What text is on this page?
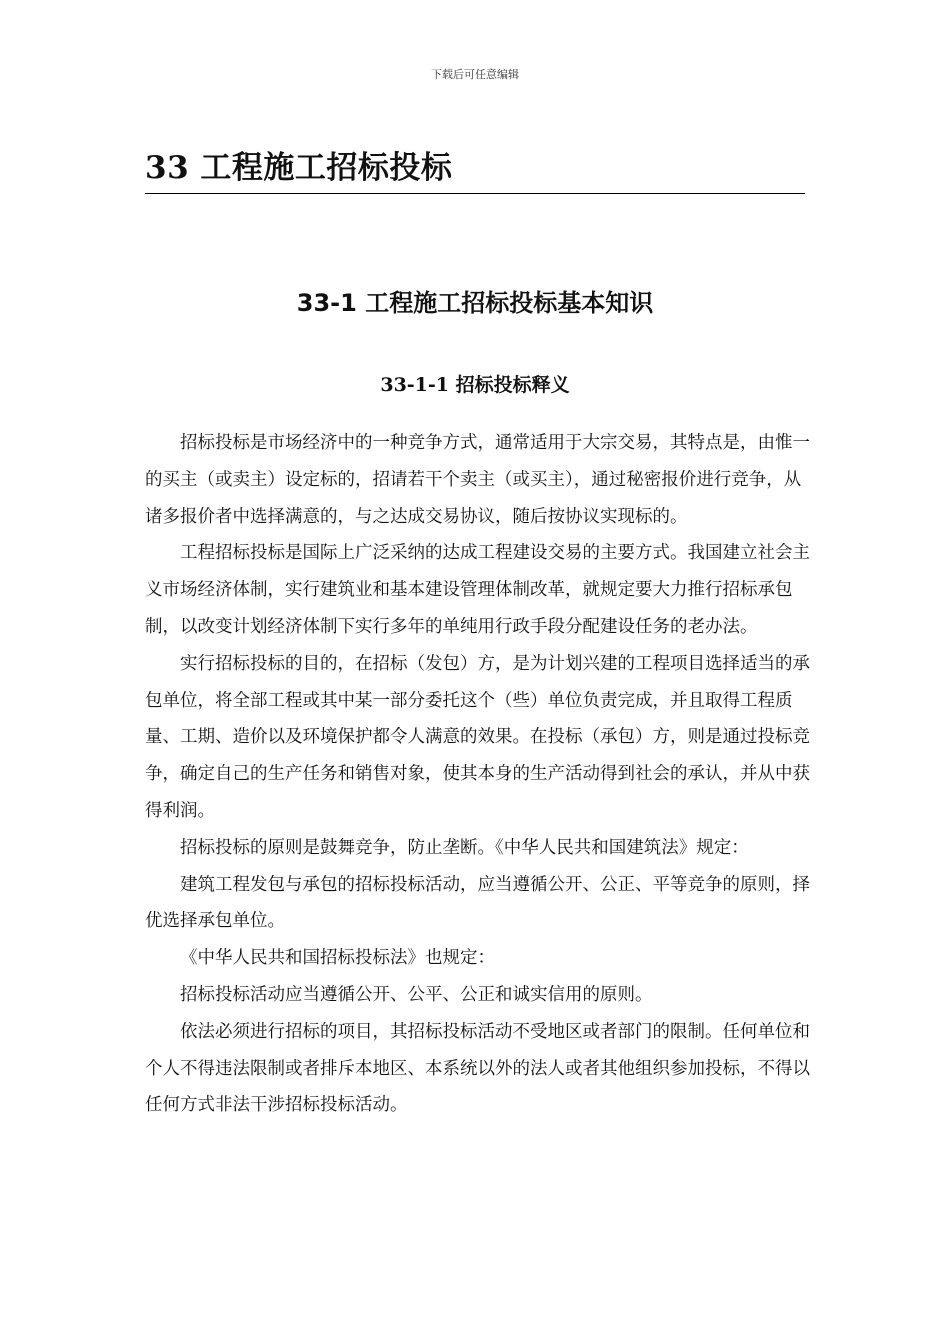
下载后可任意编辑
33 工程施工招标投标
33-1 工程施工招标投标基本知识
33-1-1 招标投标释义

招标投标是市场经济中的一种竞争方式，通常适用于大宗交易，其特点是，由惟一的买主（或卖主）设定标的，招请若干个卖主（或买主），通过秘密报价进行竞争，从诸多报价者中选择满意的，与之达成交易协议，随后按协议实现标的。

工程招标投标是国际上广泛采纳的达成工程建设交易的主要方式。我国建立社会主义市场经济体制，实行建筑业和基本建设管理体制改革，就规定要大力推行招标承包制，以改变计划经济体制下实行多年的单纯用行政手段分配建设任务的老办法。

实行招标投标的目的，在招标（发包）方，是为计划兴建的工程项目选择适当的承包单位，将全部工程或其中某一部分委托这个（些）单位负责完成，并且取得工程质量、工期、造价以及环境保护都令人满意的效果。在投标（承包）方，则是通过投标竞争，确定自己的生产任务和销售对象，使其本身的生产活动得到社会的承认，并从中获得利润。

招标投标的原则是鼓舞竞争，防止垄断。《中华人民共和国建筑法》规定：

建筑工程发包与承包的招标投标活动，应当遵循公开、公正、平等竞争的原则，择优选择承包单位。

《中华人民共和国招标投标法》也规定：

招标投标活动应当遵循公开、公平、公正和诚实信用的原则。

依法必须进行招标的项目，其招标投标活动不受地区或者部门的限制。任何单位和个人不得违法限制或者排斥本地区、本系统以外的法人或者其他组织参加投标，不得以任何方式非法干涉招标投标活动。
